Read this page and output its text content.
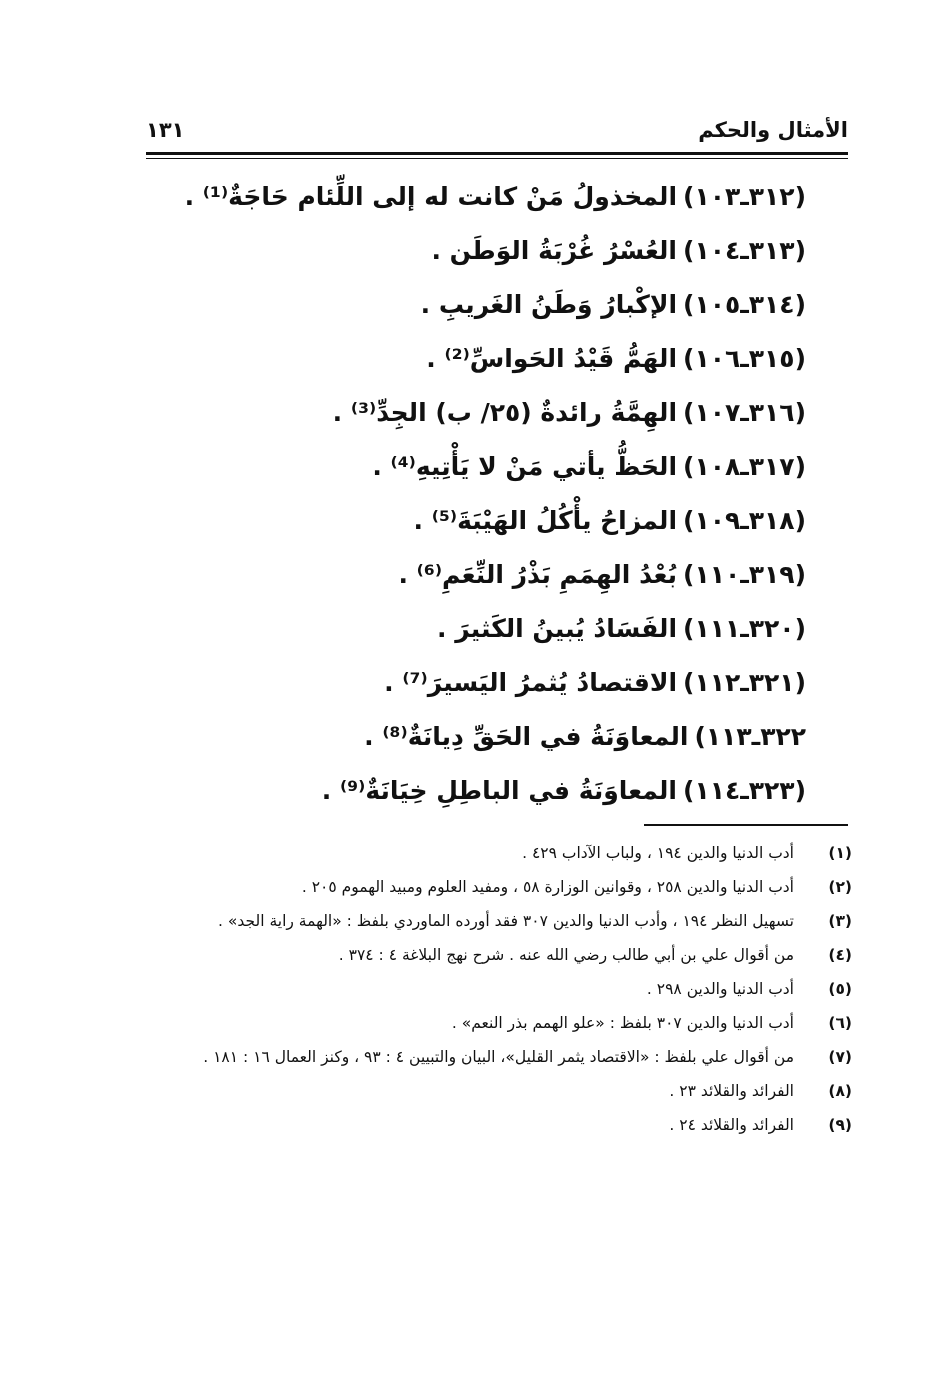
الأمثال والحكم
١٣١
(٣١٢ـ١٠٣)المخذولُ مَنْ كانت له إلى اللِّئام حَاجَةٌ⁽¹⁾ .
(٣١٣ـ١٠٤)العُسْرُ غُرْبَةُ الوَطَن .
(٣١٤ـ١٠٥)الإكْبارُ وَطَنُ الغَريبِ .
(٣١٥ـ١٠٦)الهَمُّ قَيْدُ الحَواسِّ⁽²⁾ .
(٣١٦ـ١٠٧)الهِمَّةُ رائدةٌ (٢٥/ ب) الجِدِّ⁽³⁾ .
(٣١٧ـ١٠٨)الحَظُّ يأتي مَنْ لا يَأْتِيهِ⁽⁴⁾ .
(٣١٨ـ١٠٩)المزاحُ يأْكُلُ الهَيْبَةَ⁽⁵⁾ .
(٣١٩ـ١١٠)بُعْدُ الهِمَمِ بَذْرُ النِّعَمِ⁽⁶⁾ .
(٣٢٠ـ١١١)الفَسَادُ يُبينُ الكَثيرَ .
(٣٢١ـ١١٢)الاقتصادُ يُثمرُ اليَسيرَ⁽⁷⁾ .
٣٢٢ـ١١٣)المعاوَنَةُ في الحَقِّ دِيانَةٌ⁽⁸⁾ .
(٣٢٣ـ١١٤)المعاوَنَةُ في الباطِلِ خِيَانَةٌ⁽⁹⁾ .
(١)
أدب الدنيا والدين ١٩٤ ، ولباب الآداب ٤٢٩ .
(٢)
أدب الدنيا والدين ٢٥٨ ، وقوانين الوزارة ٥٨ ، ومفيد العلوم ومبيد الهموم ٢٠٥ .
(٣)
تسهيل النظر ١٩٤ ، وأدب الدنيا والدين ٣٠٧ فقد أورده الماوردي بلفظ : «الهمة راية الجد» .
(٤)
من أقوال علي بن أبي طالب رضي الله عنه . شرح نهج البلاغة ٤ : ٣٧٤ .
(٥)
أدب الدنيا والدين ٢٩٨ .
(٦)
أدب الدنيا والدين ٣٠٧ بلفظ : «علو الهمم بذر النعم» .
(٧)
من أقوال علي بلفظ : «الاقتصاد يثمر القليل»، البيان والتبيين ٤ : ٩٣ ، وكنز العمال ١٦ : ١٨١ .
(٨)
الفرائد والقلائد ٢٣ .
(٩)
الفرائد والقلائد ٢٤ .
